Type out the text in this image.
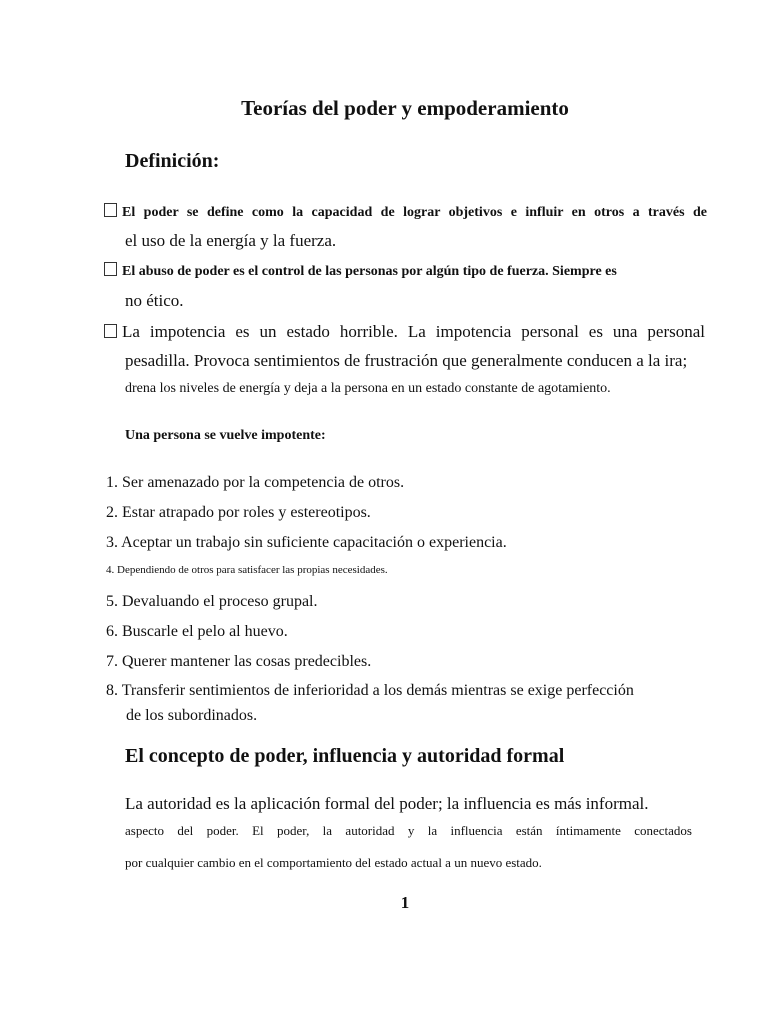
Teorías del poder y empoderamiento
Definición:
El poder se define como la capacidad de lograr objetivos e influir en otros a través de
el uso de la energía y la fuerza.
El abuso de poder es el control de las personas por algún tipo de fuerza. Siempre es
no ético.
La impotencia es un estado horrible. La impotencia personal es una personal
pesadilla. Provoca sentimientos de frustración que generalmente conducen a la ira;
drena los niveles de energía y deja a la persona en un estado constante de agotamiento.
Una persona se vuelve impotente:
1. Ser amenazado por la competencia de otros.
2. Estar atrapado por roles y estereotipos.
3. Aceptar un trabajo sin suficiente capacitación o experiencia.
4. Dependiendo de otros para satisfacer las propias necesidades.
5. Devaluando el proceso grupal.
6. Buscarle el pelo al huevo.
7. Querer mantener las cosas predecibles.
8. Transferir sentimientos de inferioridad a los demás mientras se exige perfección
de los subordinados.
El concepto de poder, influencia y autoridad formal
La autoridad es la aplicación formal del poder; la influencia es más informal.
aspecto del poder. El poder, la autoridad y la influencia están íntimamente conectados
por cualquier cambio en el comportamiento del estado actual a un nuevo estado.
1
